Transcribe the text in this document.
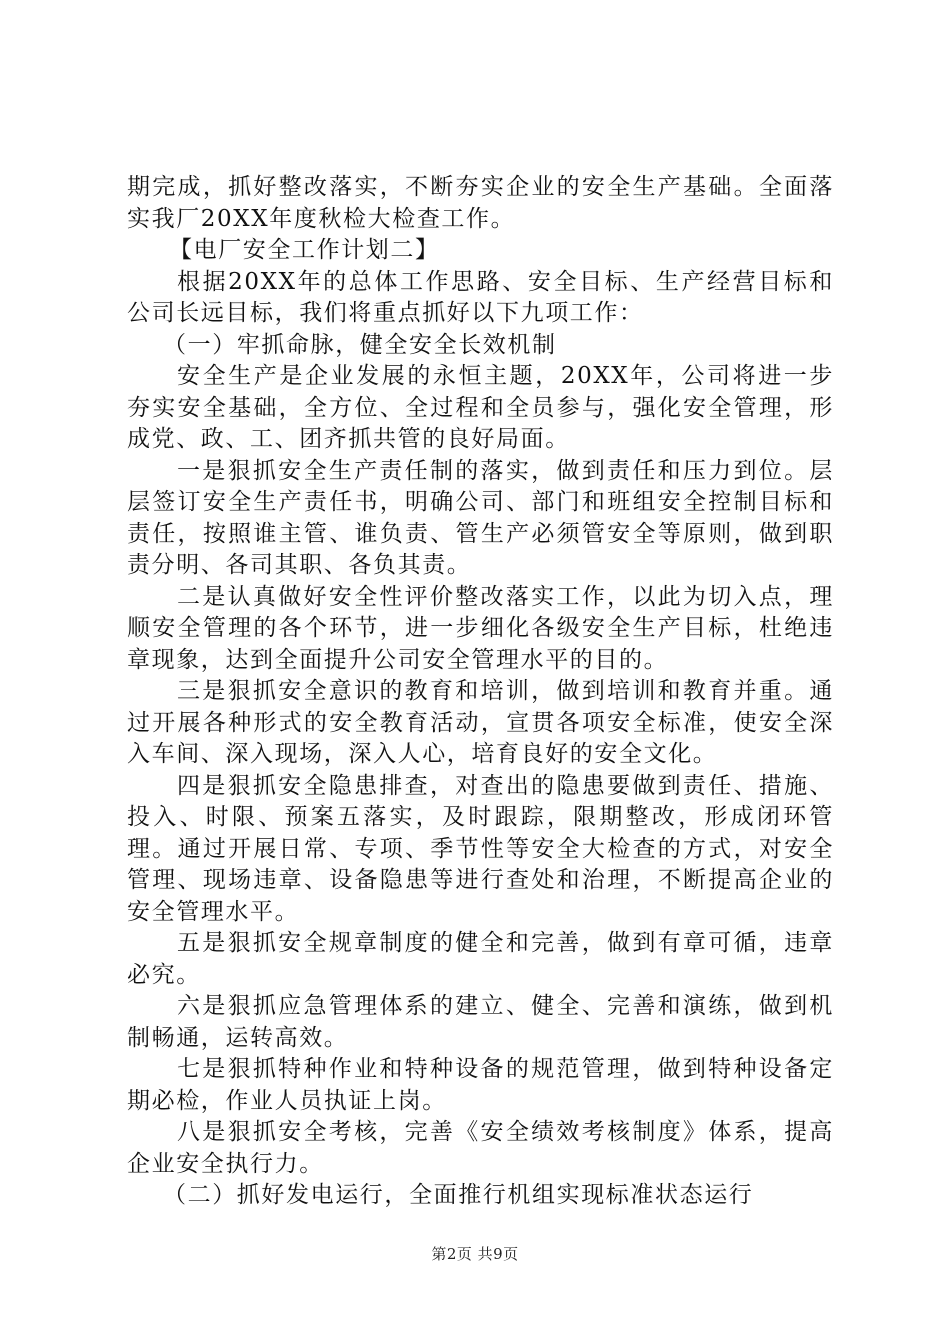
期完成，抓好整改落实，不断夯实企业的安全生产基础。全面落实我厂20XX年度秋检大检查工作。

【电厂安全工作计划二】

根据20XX年的总体工作思路、安全目标、生产经营目标和公司长远目标，我们将重点抓好以下九项工作：

（一）牢抓命脉，健全安全长效机制

安全生产是企业发展的永恒主题，20XX年，公司将进一步夯实安全基础，全方位、全过程和全员参与，强化安全管理，形成党、政、工、团齐抓共管的良好局面。

一是狠抓安全生产责任制的落实，做到责任和压力到位。层层签订安全生产责任书，明确公司、部门和班组安全控制目标和责任，按照谁主管、谁负责、管生产必须管安全等原则，做到职责分明、各司其职、各负其责。

二是认真做好安全性评价整改落实工作，以此为切入点，理顺安全管理的各个环节，进一步细化各级安全生产目标，杜绝违章现象，达到全面提升公司安全管理水平的目的。

三是狠抓安全意识的教育和培训，做到培训和教育并重。通过开展各种形式的安全教育活动，宣贯各项安全标准，使安全深入车间、深入现场，深入人心，培育良好的安全文化。

四是狠抓安全隐患排查，对查出的隐患要做到责任、措施、投入、时限、预案五落实，及时跟踪，限期整改，形成闭环管理。通过开展日常、专项、季节性等安全大检查的方式，对安全管理、现场违章、设备隐患等进行查处和治理，不断提高企业的安全管理水平。

五是狠抓安全规章制度的健全和完善，做到有章可循，违章必究。

六是狠抓应急管理体系的建立、健全、完善和演练，做到机制畅通，运转高效。

七是狠抓特种作业和特种设备的规范管理，做到特种设备定期必检，作业人员执证上岗。

八是狠抓安全考核，完善《安全绩效考核制度》体系，提高企业安全执行力。

（二）抓好发电运行，全面推行机组实现标准状态运行

第2页 共9页
